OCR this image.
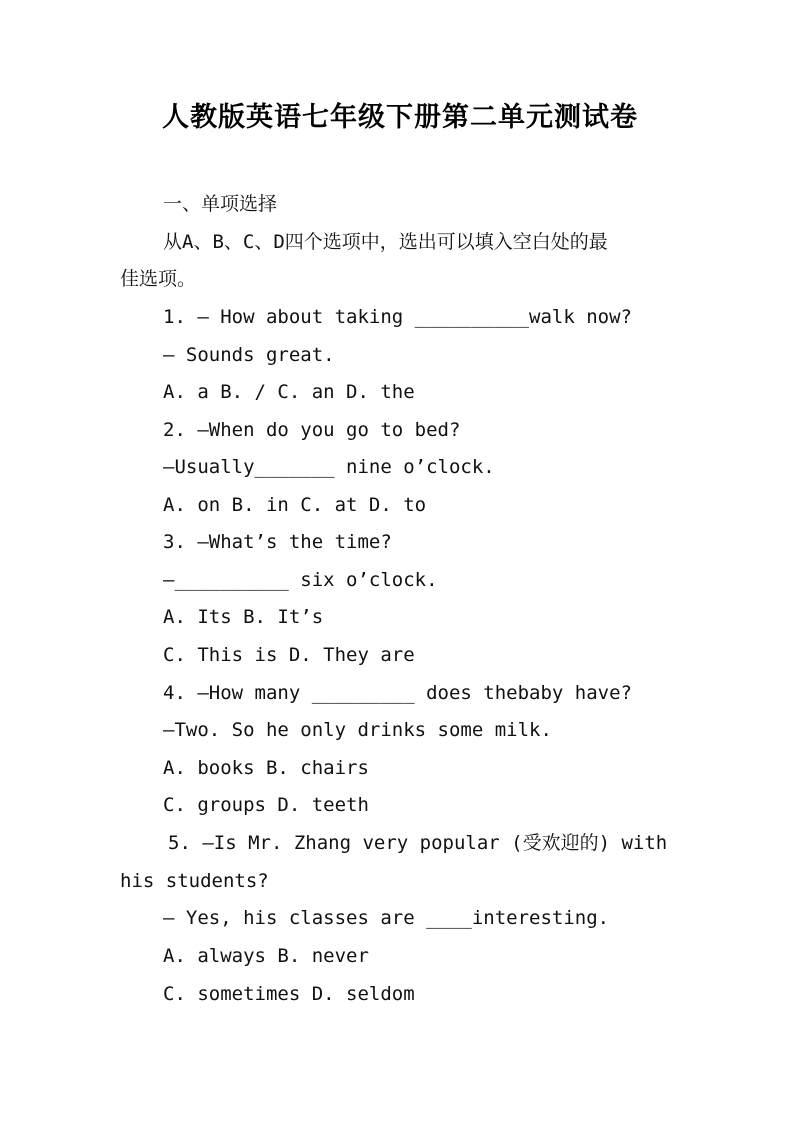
人教版英语七年级下册第二单元测试卷
一、单项选择
从A、B、C、D四个选项中，选出可以填入空白处的最
佳选项。
1. — How about taking __________walk now?
— Sounds great.
A. a B. / C. an D. the
2. —When do you go to bed?
—Usually_______ nine o’clock.
A. on B. in C. at D. to
3. —What’s the time?
—__________ six o’clock.
A. Its B. It’s
C. This is D. They are
4. —How many _________ does thebaby have?
—Two. So he only drinks some milk.
A. books B. chairs
C. groups D. teeth
5. —Is Mr. Zhang very popular (受欢迎的) with
his students?
— Yes, his classes are ____interesting.
A. always B. never
C. sometimes D. seldom
